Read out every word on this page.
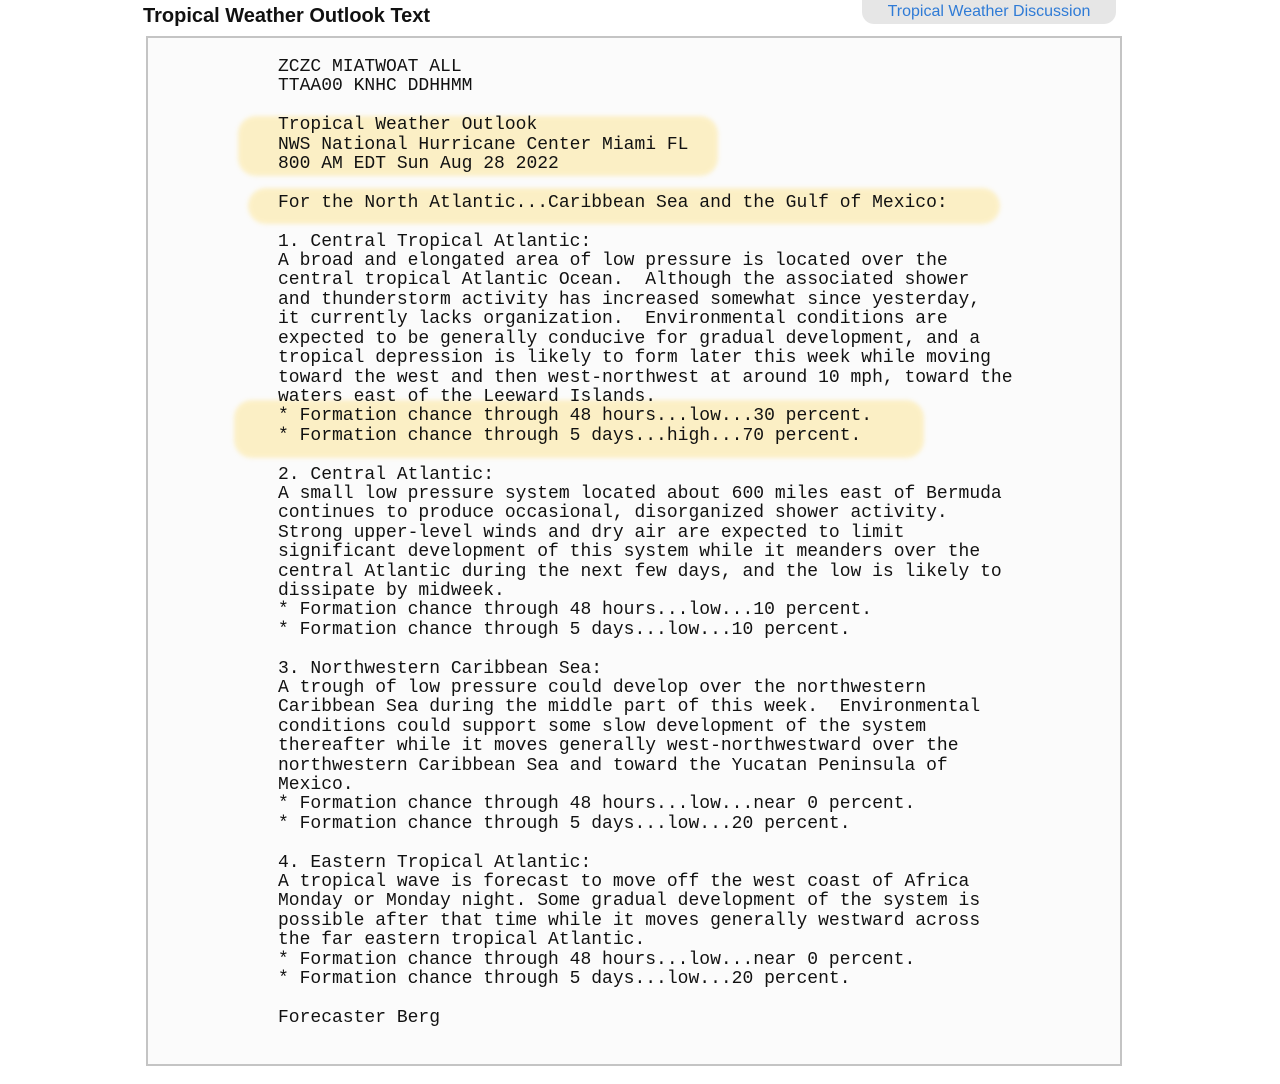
Tropical Weather Outlook Text	Tropical Weather Discussion
ZCZC MIATWOAT ALL
TTAA00 KNHC DDHHMM

Tropical Weather Outlook
NWS National Hurricane Center Miami FL
800 AM EDT Sun Aug 28 2022

For the North Atlantic...Caribbean Sea and the Gulf of Mexico:

1. Central Tropical Atlantic:
A broad and elongated area of low pressure is located over the
central tropical Atlantic Ocean.  Although the associated shower
and thunderstorm activity has increased somewhat since yesterday,
it currently lacks organization.  Environmental conditions are
expected to be generally conducive for gradual development, and a
tropical depression is likely to form later this week while moving
toward the west and then west-northwest at around 10 mph, toward the
waters east of the Leeward Islands.
* Formation chance through 48 hours...low...30 percent.
* Formation chance through 5 days...high...70 percent.

2. Central Atlantic:
A small low pressure system located about 600 miles east of Bermuda
continues to produce occasional, disorganized shower activity.
Strong upper-level winds and dry air are expected to limit
significant development of this system while it meanders over the
central Atlantic during the next few days, and the low is likely to
dissipate by midweek.
* Formation chance through 48 hours...low...10 percent.
* Formation chance through 5 days...low...10 percent.

3. Northwestern Caribbean Sea:
A trough of low pressure could develop over the northwestern
Caribbean Sea during the middle part of this week.  Environmental
conditions could support some slow development of the system
thereafter while it moves generally west-northwestward over the
northwestern Caribbean Sea and toward the Yucatan Peninsula of
Mexico.
* Formation chance through 48 hours...low...near 0 percent.
* Formation chance through 5 days...low...20 percent.

4. Eastern Tropical Atlantic:
A tropical wave is forecast to move off the west coast of Africa
Monday or Monday night. Some gradual development of the system is
possible after that time while it moves generally westward across
the far eastern tropical Atlantic.
* Formation chance through 48 hours...low...near 0 percent.
* Formation chance through 5 days...low...20 percent.

Forecaster Berg
